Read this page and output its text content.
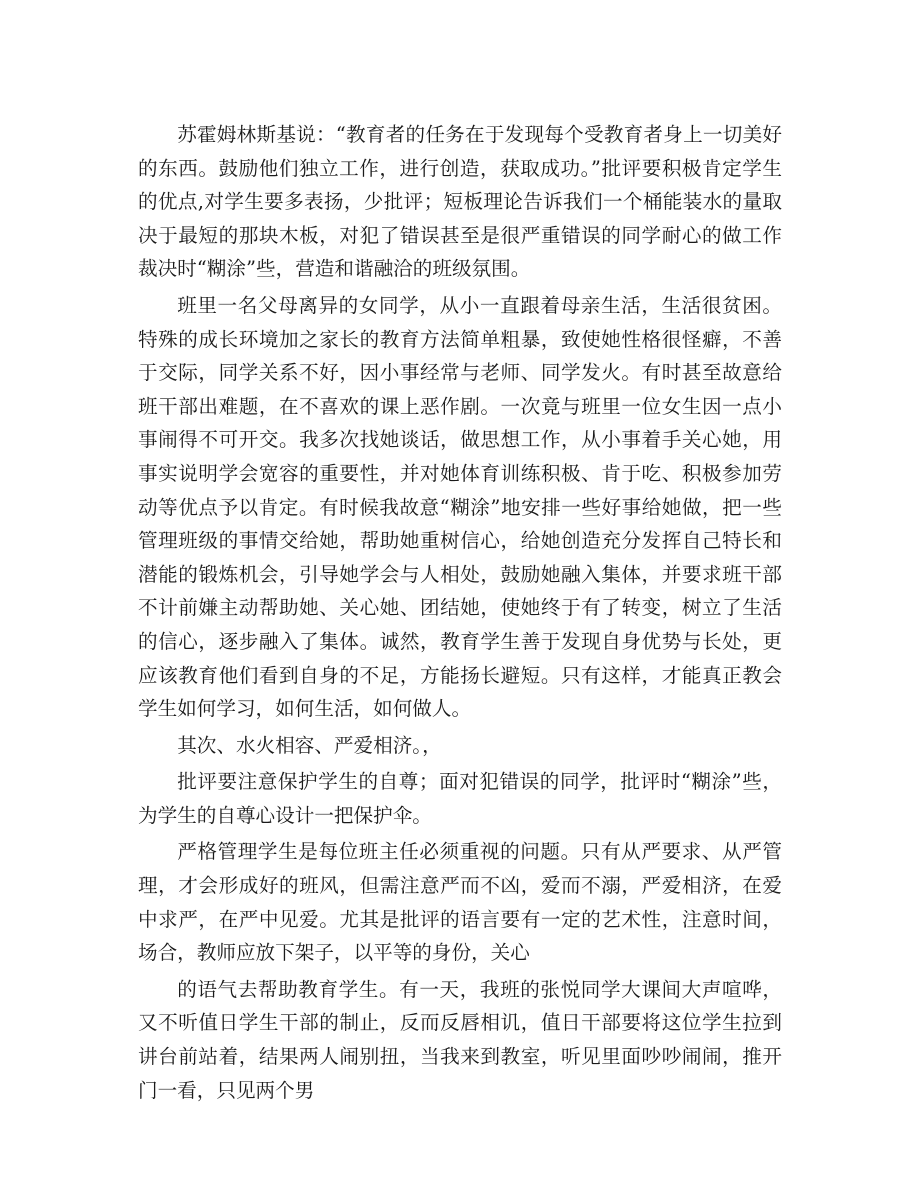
苏霍姆林斯基说：“教育者的任务在于发现每个受教育者身上一切美好的东西。鼓励他们独立工作，进行创造，获取成功。”批评要积极肯定学生的优点,对学生要多表扬，少批评；短板理论告诉我们一个桶能装水的量取决于最短的那块木板，对犯了错误甚至是很严重错误的同学耐心的做工作裁决时“糊涂”些，营造和谐融洽的班级氛围。

班里一名父母离异的女同学，从小一直跟着母亲生活，生活很贫困。特殊的成长环境加之家长的教育方法简单粗暴，致使她性格很怪癖，不善于交际，同学关系不好，因小事经常与老师、同学发火。有时甚至故意给班干部出难题，在不喜欢的课上恶作剧。一次竟与班里一位女生因一点小事闹得不可开交。我多次找她谈话，做思想工作，从小事着手关心她，用事实说明学会宽容的重要性，并对她体育训练积极、肯于吃、积极参加劳动等优点予以肯定。有时候我故意“糊涂”地安排一些好事给她做，把一些管理班级的事情交给她，帮助她重树信心，给她创造充分发挥自己特长和潜能的锻炼机会，引导她学会与人相处，鼓励她融入集体，并要求班干部不计前嫌主动帮助她、关心她、团结她，使她终于有了转变，树立了生活的信心，逐步融入了集体。诚然，教育学生善于发现自身优势与长处，更应该教育他们看到自身的不足，方能扬长避短。只有这样，才能真正教会学生如何学习，如何生活，如何做人。

其次、水火相容、严爱相济。，

批评要注意保护学生的自尊；面对犯错误的同学，批评时“糊涂”些，为学生的自尊心设计一把保护伞。

严格管理学生是每位班主任必须重视的问题。只有从严要求、从严管理，才会形成好的班风，但需注意严而不凶，爱而不溺，严爱相济，在爱中求严，在严中见爱。尤其是批评的语言要有一定的艺术性，注意时间，场合，教师应放下架子，以平等的身份，关心

的语气去帮助教育学生。有一天，我班的张悦同学大课间大声喧哗，又不听值日学生干部的制止，反而反唇相讥，值日干部要将这位学生拉到讲台前站着，结果两人闹别扭，当我来到教室，听见里面吵吵闹闹，推开门一看，只见两个男
